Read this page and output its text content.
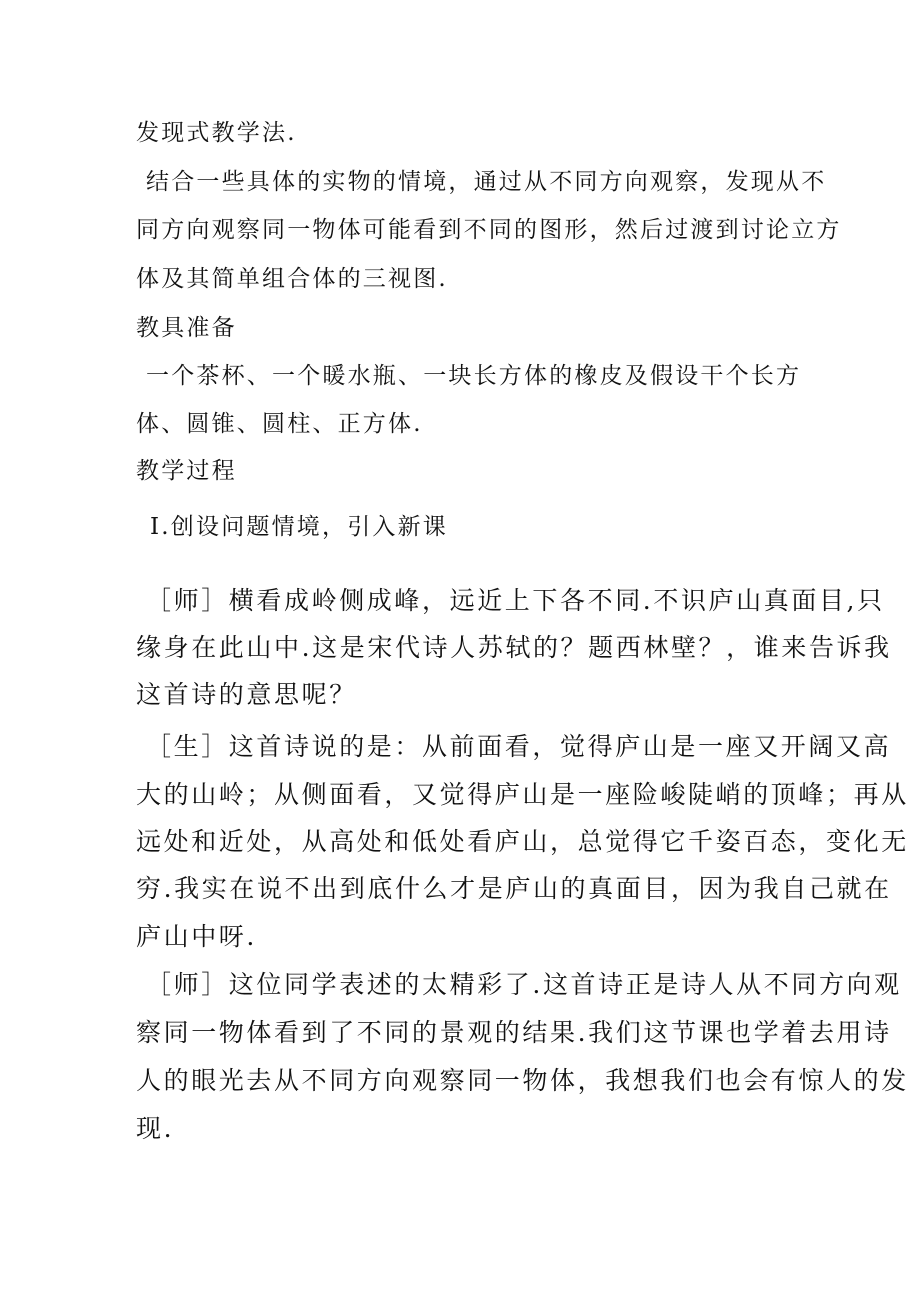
发现式教学法.
结合一些具体的实物的情境，通过从不同方向观察，发现从不
同方向观察同一物体可能看到不同的图形，然后过渡到讨论立方
体及其简单组合体的三视图.
教具准备
一个茶杯、一个暖水瓶、一块长方体的橡皮及假设干个长方
体、圆锥、圆柱、正方体.
教学过程
Ⅰ.创设问题情境，引入新课
［师］横看成岭侧成峰，远近上下各不同.不识庐山真面目,只
缘身在此山中.这是宋代诗人苏轼的？题西林壁？，谁来告诉我
这首诗的意思呢？
［生］这首诗说的是：从前面看，觉得庐山是一座又开阔又高
大的山岭；从侧面看，又觉得庐山是一座险峻陡峭的顶峰；再从
远处和近处，从高处和低处看庐山，总觉得它千姿百态，变化无
穷.我实在说不出到底什么才是庐山的真面目，因为我自己就在
庐山中呀.
［师］这位同学表述的太精彩了.这首诗正是诗人从不同方向观
察同一物体看到了不同的景观的结果.我们这节课也学着去用诗
人的眼光去从不同方向观察同一物体，我想我们也会有惊人的发
现.
